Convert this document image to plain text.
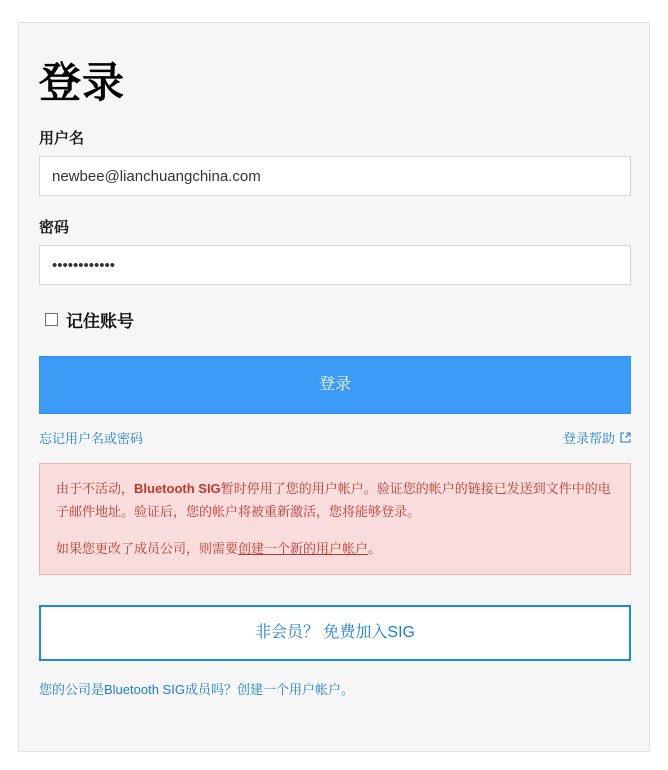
登录
用户名
newbee@lianchuangchina.com
密码
••••••••••••
记住账号
登录
忘记用户名或密码	登录帮助

由于不活动，Bluetooth SIG暂时停用了您的用户帐户。验证您的帐户的链接已发送到文件中的电子邮件地址。验证后，您的帐户将被重新激活，您将能够登录。

如果您更改了成员公司，则需要创建一个新的用户帐户。

非会员？ 免费加入SIG
您的公司是Bluetooth SIG成员吗？创建一个用户帐户。
